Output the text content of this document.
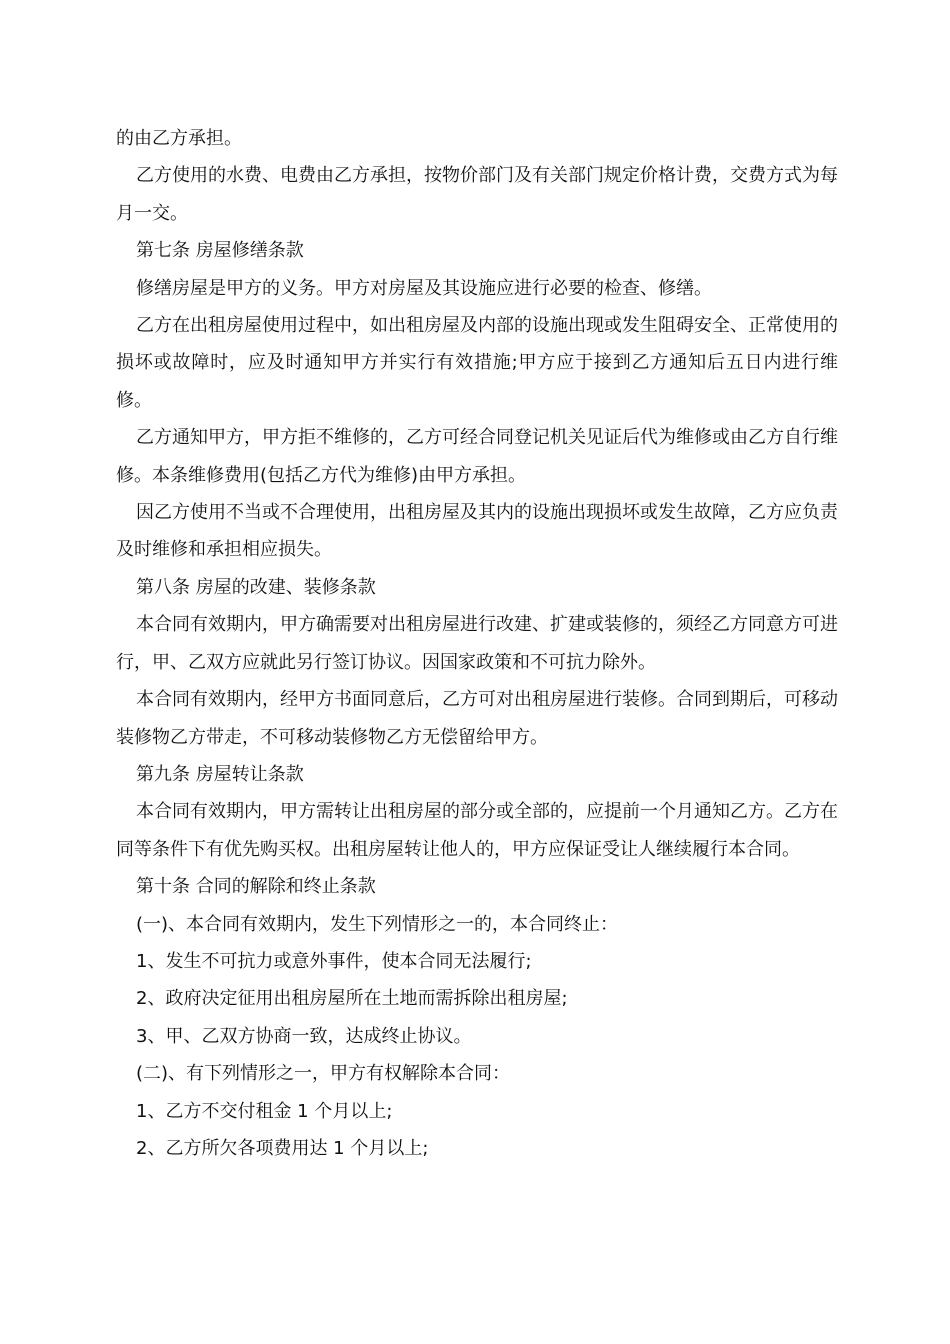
的由乙方承担。

乙方使用的水费、电费由乙方承担，按物价部门及有关部门规定价格计费，交费方式为每月一交。

第七条 房屋修缮条款

修缮房屋是甲方的义务。甲方对房屋及其设施应进行必要的检查、修缮。

乙方在出租房屋使用过程中，如出租房屋及内部的设施出现或发生阻碍安全、正常使用的损坏或故障时，应及时通知甲方并实行有效措施;甲方应于接到乙方通知后五日内进行维修。

乙方通知甲方，甲方拒不维修的，乙方可经合同登记机关见证后代为维修或由乙方自行维修。本条维修费用(包括乙方代为维修)由甲方承担。

因乙方使用不当或不合理使用，出租房屋及其内的设施出现损坏或发生故障，乙方应负责及时维修和承担相应损失。

第八条 房屋的改建、装修条款

本合同有效期内，甲方确需要对出租房屋进行改建、扩建或装修的，须经乙方同意方可进行，甲、乙双方应就此另行签订协议。因国家政策和不可抗力除外。

本合同有效期内，经甲方书面同意后，乙方可对出租房屋进行装修。合同到期后，可移动装修物乙方带走，不可移动装修物乙方无偿留给甲方。

第九条 房屋转让条款

本合同有效期内，甲方需转让出租房屋的部分或全部的，应提前一个月通知乙方。乙方在同等条件下有优先购买权。出租房屋转让他人的，甲方应保证受让人继续履行本合同。

第十条 合同的解除和终止条款

(一)、本合同有效期内，发生下列情形之一的，本合同终止：

1、发生不可抗力或意外事件，使本合同无法履行;

2、政府决定征用出租房屋所在土地而需拆除出租房屋;

3、甲、乙双方协商一致，达成终止协议。

(二)、有下列情形之一，甲方有权解除本合同：

1、乙方不交付租金 1 个月以上;

2、乙方所欠各项费用达 1 个月以上;
